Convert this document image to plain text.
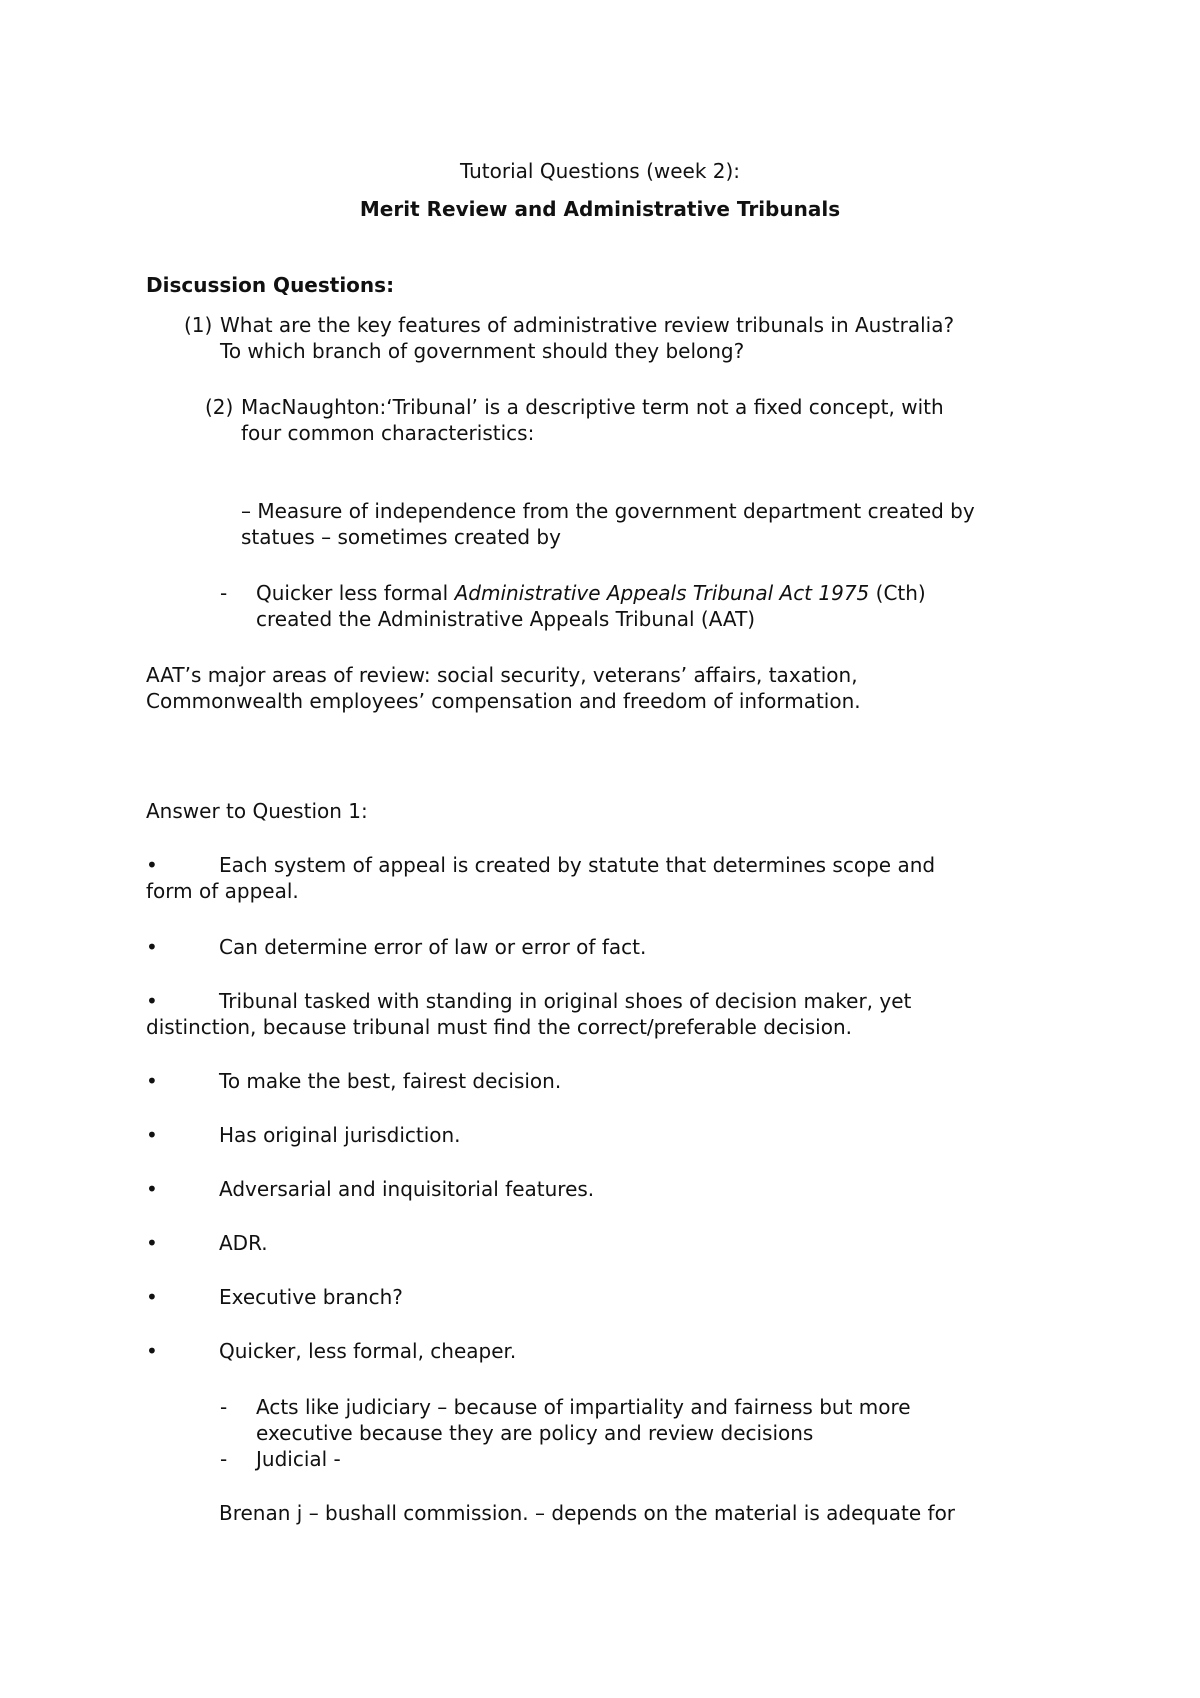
Tutorial Questions (week 2):
Merit Review and Administrative Tribunals
Discussion Questions:
(1) What are the key features of administrative review tribunals in Australia?
To which branch of government should they belong?
(2) MacNaughton:‘Tribunal’ is a descriptive term not a fixed concept, with
four common characteristics:
– Measure of independence from the government department created by
statues – sometimes created by
- Quicker less formal Administrative Appeals Tribunal Act 1975 (Cth)
created the Administrative Appeals Tribunal (AAT)
AAT’s major areas of review: social security, veterans’ affairs, taxation,
Commonwealth employees’ compensation and freedom of information.
Answer to Question 1:
•	Each system of appeal is created by statute that determines scope and
form of appeal.
•	Can determine error of law or error of fact.
•	Tribunal tasked with standing in original shoes of decision maker, yet
distinction, because tribunal must find the correct/preferable decision.
•	To make the best, fairest decision.
•	Has original jurisdiction.
•	Adversarial and inquisitorial features.
•	ADR.
•	Executive branch?
•	Quicker, less formal, cheaper.
- Acts like judiciary – because of impartiality and fairness but more
executive because they are policy and review decisions
- Judicial -
Brenan j – bushall commission. – depends on the material is adequate for
